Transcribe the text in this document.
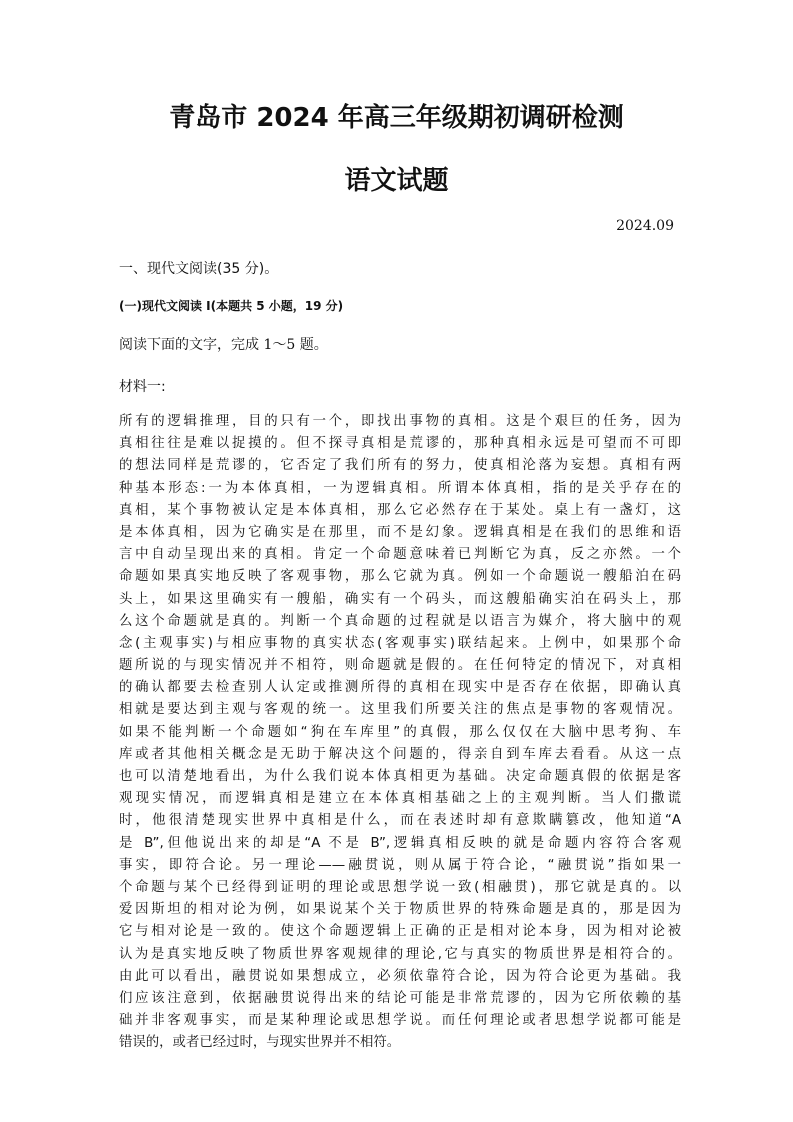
青岛市 2024 年高三年级期初调研检测
语文试题
2024.09
一、现代文阅读(35 分)。
(一)现代文阅读 I(本题共 5 小题，19 分)
阅读下面的文字，完成 1～5 题。
材料一:
所有的逻辑推理，目的只有一个，即找出事物的真相。这是个艰巨的任务，因为
真相往往是难以捉摸的。但不探寻真相是荒谬的，那种真相永远是可望而不可即
的想法同样是荒谬的，它否定了我们所有的努力，使真相沦落为妄想。真相有两
种基本形态:一为本体真相，一为逻辑真相。所谓本体真相，指的是关乎存在的
真相，某个事物被认定是本体真相，那么它必然存在于某处。桌上有一盏灯，这
是本体真相，因为它确实是在那里，而不是幻象。逻辑真相是在我们的思维和语
言中自动呈现出来的真相。肯定一个命题意味着已判断它为真，反之亦然。一个
命题如果真实地反映了客观事物，那么它就为真。例如一个命题说一艘船泊在码
头上，如果这里确实有一艘船，确实有一个码头，而这艘船确实泊在码头上，那
么这个命题就是真的。判断一个真命题的过程就是以语言为媒介，将大脑中的观
念(主观事实)与相应事物的真实状态(客观事实)联结起来。上例中，如果那个命
题所说的与现实情况并不相符，则命题就是假的。在任何特定的情况下，对真相
的确认都要去检查别人认定或推测所得的真相在现实中是否存在依据，即确认真
相就是要达到主观与客观的统一。这里我们所要关注的焦点是事物的客观情况。
如果不能判断一个命题如“狗在车库里”的真假，那么仅仅在大脑中思考狗、车
库或者其他相关概念是无助于解决这个问题的，得亲自到车库去看看。从这一点
也可以清楚地看出，为什么我们说本体真相更为基础。决定命题真假的依据是客
观现实情况，而逻辑真相是建立在本体真相基础之上的主观判断。当人们撒谎
时，他很清楚现实世界中真相是什么，而在表述时却有意欺瞒篡改，他知道“A
是 B”,但他说出来的却是“A 不是 B”,逻辑真相反映的就是命题内容符合客观
事实，即符合论。另一理论——融贯说，则从属于符合论，“融贯说”指如果一
个命题与某个已经得到证明的理论或思想学说一致(相融贯)，那它就是真的。以
爱因斯坦的相对论为例，如果说某个关于物质世界的特殊命题是真的，那是因为
它与相对论是一致的。使这个命题逻辑上正确的正是相对论本身，因为相对论被
认为是真实地反映了物质世界客观规律的理论,它与真实的物质世界是相符合的。
由此可以看出，融贯说如果想成立，必须依靠符合论，因为符合论更为基础。我
们应该注意到，依据融贯说得出来的结论可能是非常荒谬的，因为它所依赖的基
础并非客观事实，而是某种理论或思想学说。而任何理论或者思想学说都可能是
错误的，或者已经过时，与现实世界并不相符。
